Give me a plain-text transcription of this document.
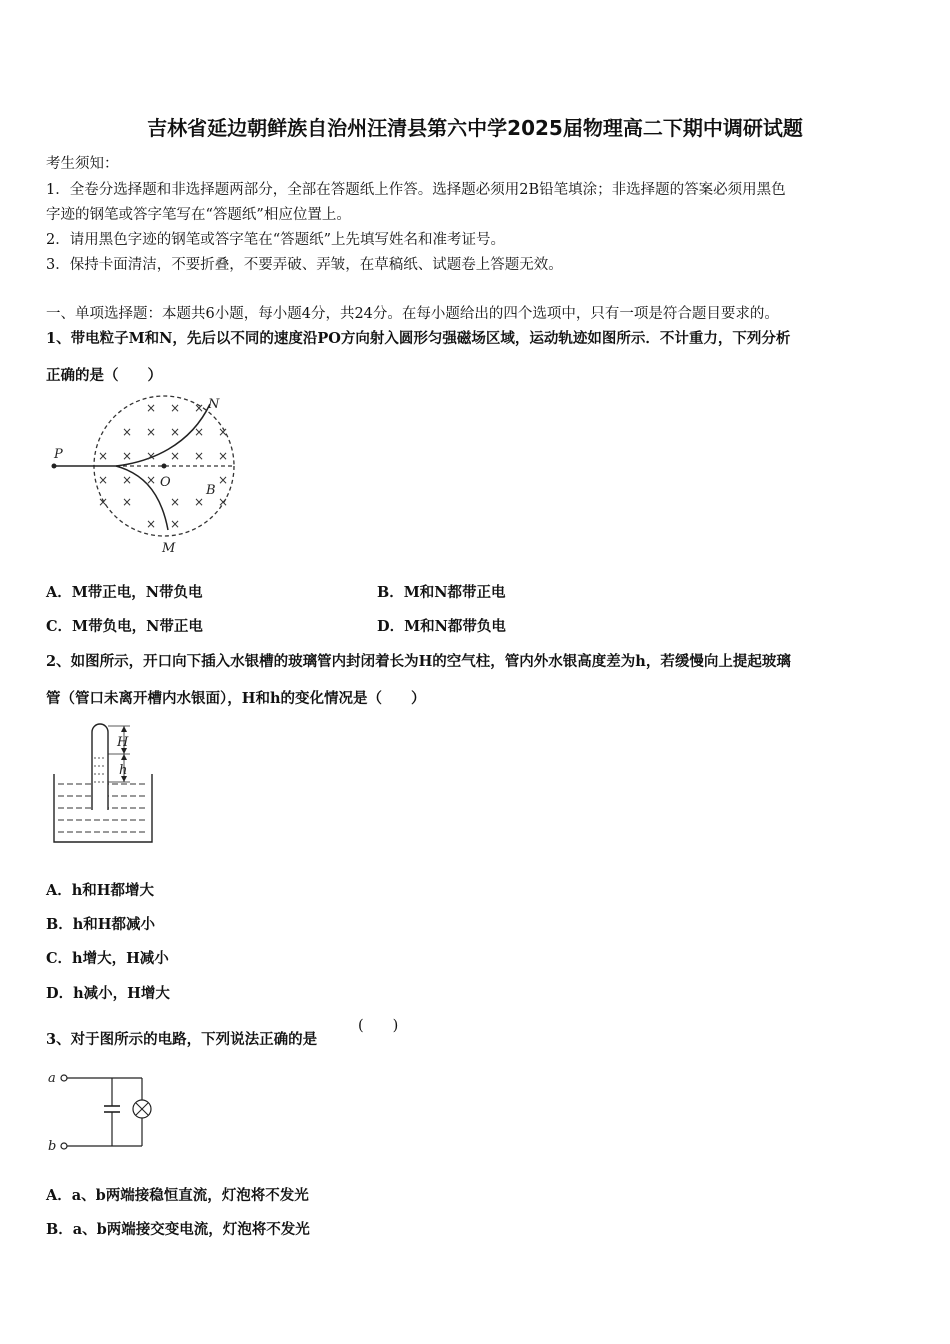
吉林省延边朝鲜族自治州汪清县第六中学2025届物理高二下期中调研试题
考生须知：
1．全卷分选择题和非选择题两部分，全部在答题纸上作答。选择题必须用2B铅笔填涂；非选择题的答案必须用黑色
字迹的钢笔或答字笔写在“答题纸”相应位置上。
2．请用黑色字迹的钢笔或答字笔在“答题纸”上先填写姓名和准考证号。
3．保持卡面清洁，不要折叠，不要弄破、弄皱，在草稿纸、试题卷上答题无效。
一、单项选择题：本题共6小题，每小题4分，共24分。在每小题给出的四个选项中，只有一项是符合题目要求的。
1、带电粒子M和N，先后以不同的速度沿PO方向射入圆形匀强磁场区域，运动轨迹如图所示．不计重力，下列分析
正确的是（　　）
× × ×
× × × × ×
× × × × × ×
× × ×	×
× ×	× × ×
× ×
P
O
B
N
M
A．M带正电，N带负电	B．M和N都带正电
C．M带负电，N带正电	D．M和N都带负电
2、如图所示，开口向下插入水银槽的玻璃管内封闭着长为H的空气柱，管内外水银高度差为h，若缓慢向上提起玻璃
管（管口未离开槽内水银面），H和h的变化情况是（　　）
H
h
A．h和H都增大
B．h和H都减小
C．h增大，H减小
D．h减小，H增大
3、对于图所示的电路，下列说法正确的是
(　　)
a
b
A．a、b两端接稳恒直流，灯泡将不发光
B．a、b两端接交变电流，灯泡将不发光
